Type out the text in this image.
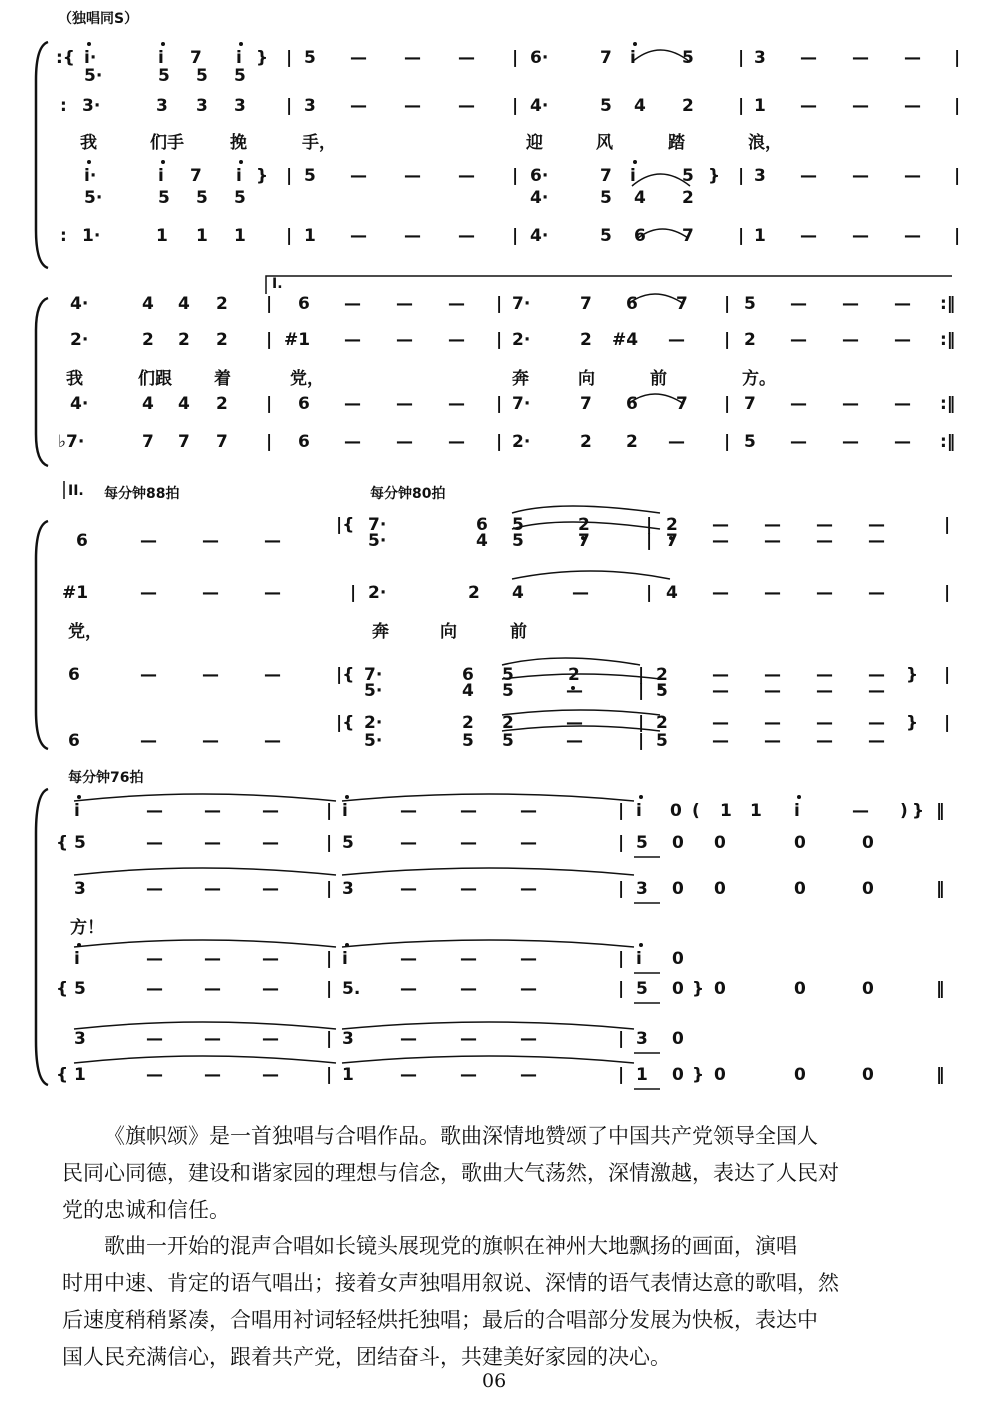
（独唱同S）
:{ i·	i 7 i } | 5 — — — | 6·	7 i	5	| 3 — — — |
5·	5 5 5
: 3·	3 3 3 | 3 — — — | 4·	5 4 2	| 1 — — — |
我	们手	挽	手，	迎	风	踏	浪，
i·	i 7 i } | 5 — — — | 6·	7 i	5 } | 3 — — — |
5·	5 5 5	4·	5 4 2
: 1·	1 1 1 | 1 — — — | 4·	5 6 7	| 1 — — — |
I.
4·	4 4 2 | 6 — — — | 7·	7 6 7 | 5 — — — :‖
2·	2 2 2 | #1 — — — | 2·	2 #4 — | 2 — — — :‖
我	们跟 着	党，	奔	向	前	方。
4·	4 4 2 | 6 — — — | 7·	7 6 7 | 7 — — — :‖
♭7·	7 7 7 | 6 — — — | 2·	2 2 — | 5 — — — :‖
II. 每分钟88拍	每分钟80拍
|{ 7·	6 5	2	| 2 — — — —	|
6	—	—	—	5·	4 5	7	| 7 — — — —
#1	—	—	—	| 2·	2 4	—	| 4 — — — —	|
党，	奔	向	前
6	—	—	—	|{ 7·	6 5	2	| 2	— — — — } |
5·	4 5	—	| 5	— — — —
|{ 2·	2 2	—	| 2	— — — — } |
6	—	—	—	5·	5 5	—	| 5	— — — —
每分钟76拍
i	— — —	| i	—	—	—	| i 0 ( 1 1 i	— ) } ‖
{ 5	— — —	| 5	—	—	—	| 5 0 0	0	0
3	— — —	| 3	—	—	—	| 3 0 0	0	0	‖
方！
i	— — —	| i	—	—	—	| i 0
{ 5	— — —	| 5. —	—	—	| 5 0 } 0	0	0	‖
3	— — —	| 3	—	—	—	| 3 0
{ 1	— — —	| 1	—	—	—	| 1 0 } 0	0	0	‖
《旗帜颂》是一首独唱与合唱作品。歌曲深情地赞颂了中国共产党领导全国人
民同心同德，建设和谐家园的理想与信念，歌曲大气荡然，深情激越，表达了人民对
党的忠诚和信任。
歌曲一开始的混声合唱如长镜头展现党的旗帜在神州大地飘扬的画面，演唱
时用中速、肯定的语气唱出；接着女声独唱用叙说、深情的语气表情达意的歌唱，然
后速度稍稍紧凑，合唱用衬词轻轻烘托独唱；最后的合唱部分发展为快板，表达中
国人民充满信心，跟着共产党，团结奋斗，共建美好家园的决心。
06
